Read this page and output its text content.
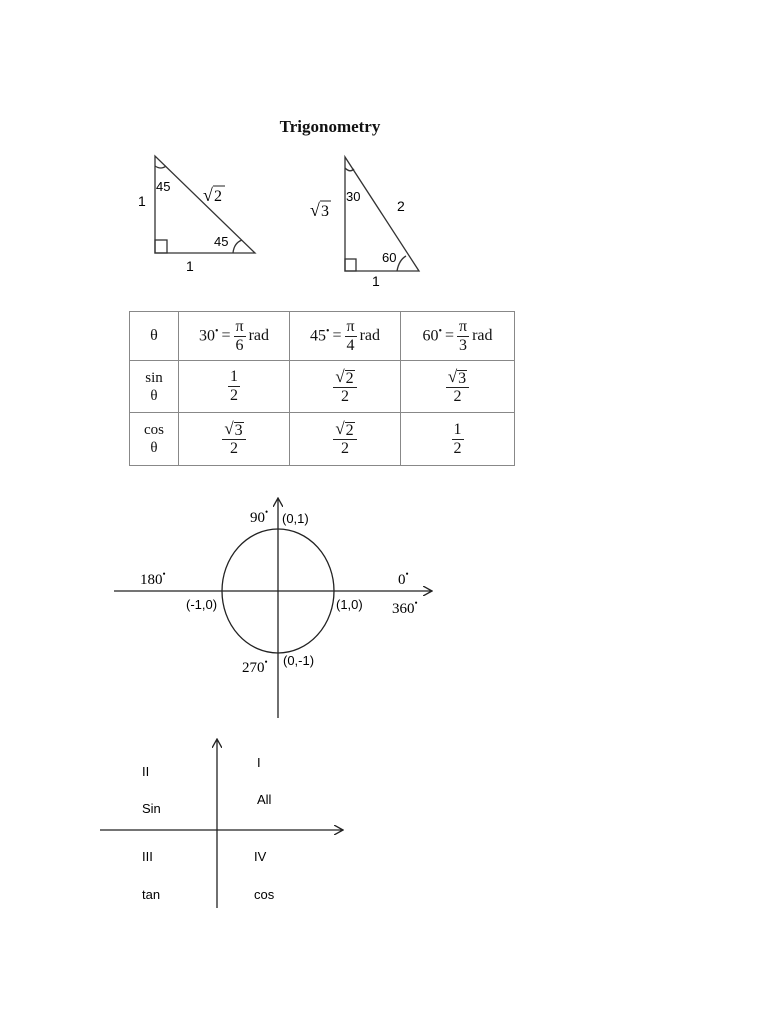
Trigonometry
45
45
1
1
√ 2	30
60
√ 3	2
1
θ	$30^• = \frac{\pi}{6}$ rad	$45^• = \frac{\pi}{4}$ rad	$60^• = \frac{\pi}{3}$ rad

sin
θ	$\frac{1}{2}$	$\frac{√ 2}{2}$	$\frac{√ 3}{2}$

cos
θ	$\frac{√ 3}{2}$	$\frac{√ 2}{2}$	$\frac{1}{2}$
90• (0,1)
180•
(-1,0)
0•
(1,0) 360•
270• (0,-1)
I
All
II
Sin
III
tan
IV
cos
